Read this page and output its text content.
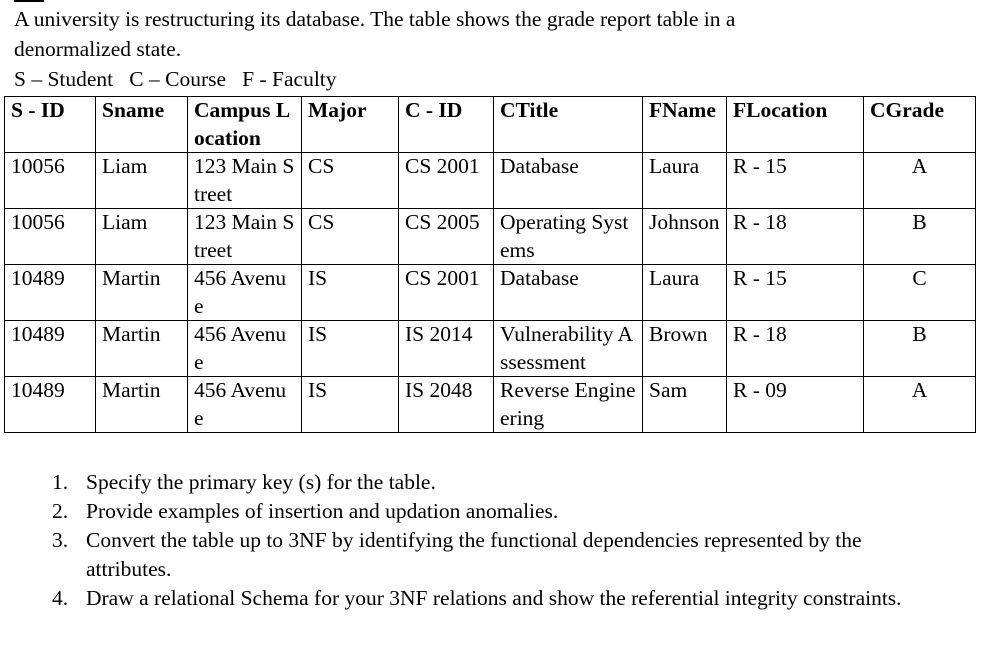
A university is restructuring its database. The table shows the grade report table in a
denormalized state.
S – Student   C – Course   F - Faculty
S - ID	Sname	Campus Location	Major	C - ID	CTitle	FName	FLocation	CGrade
10056	Liam	123 Main Street	CS	CS 2001	Database	Laura	R - 15	A
10056	Liam	123 Main Street	CS	CS 2005	Operating Systems	Johnson	R - 18	B
10489	Martin	456 Avenue	IS	CS 2001	Database	Laura	R - 15	C
10489	Martin	456 Avenue	IS	IS 2014	Vulnerability Assessment	Brown	R - 18	B
10489	Martin	456 Avenue	IS	IS 2048	Reverse Engineering	Sam	R - 09	A
1. Specify the primary key (s) for the table.
2. Provide examples of insertion and updation anomalies.
3. Convert the table up to 3NF by identifying the functional dependencies represented by the attributes.
4. Draw a relational Schema for your 3NF relations and show the referential integrity constraints.
